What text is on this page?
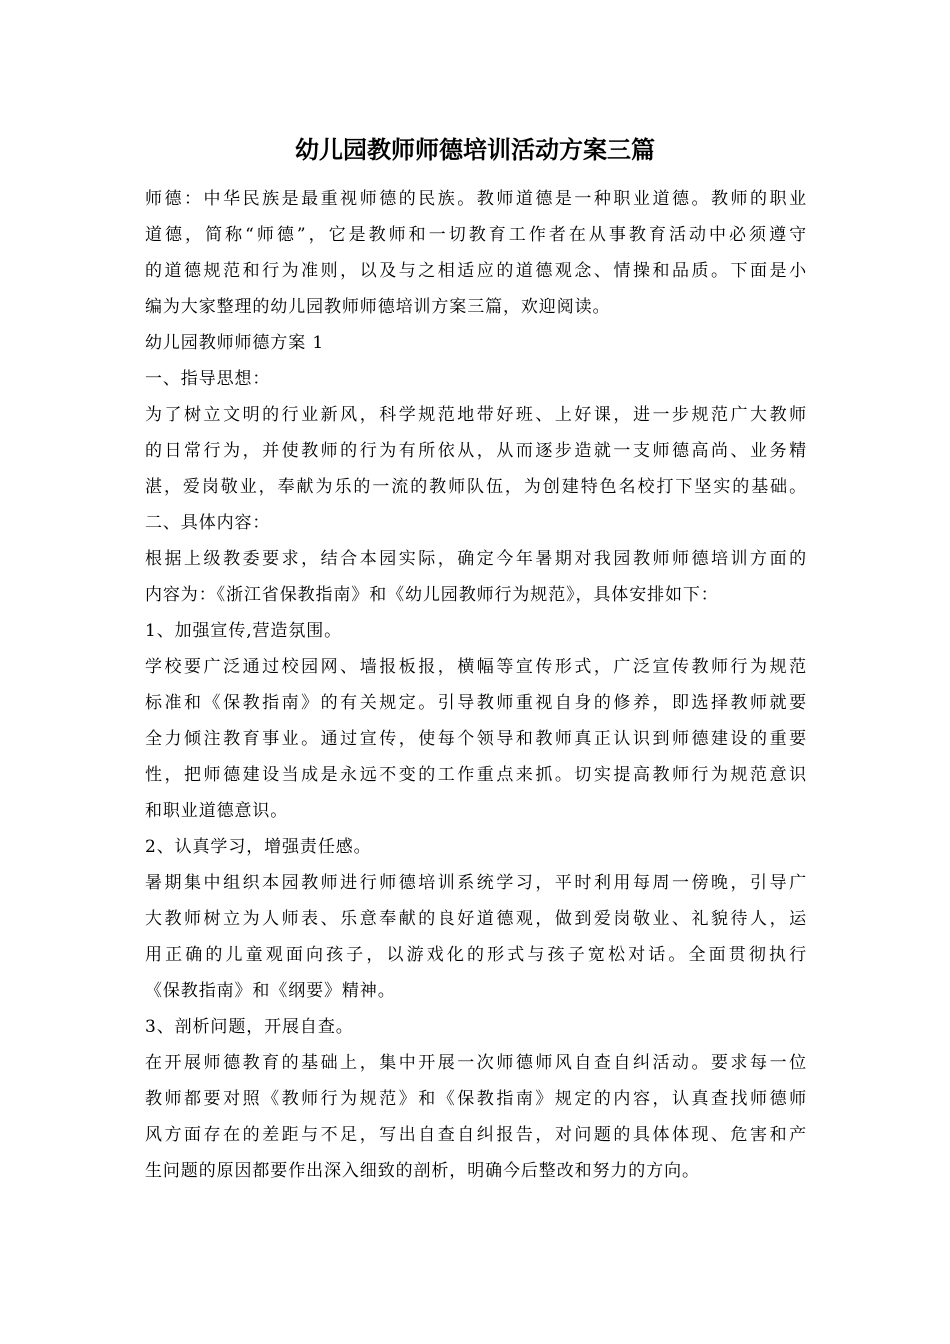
幼儿园教师师德培训活动方案三篇

师德：中华民族是最重视师德的民族。教师道德是一种职业道德。教师的职业

道德，简称“师德”，它是教师和一切教育工作者在从事教育活动中必须遵守

的道德规范和行为准则，以及与之相适应的道德观念、情操和品质。下面是小

编为大家整理的幼儿园教师师德培训方案三篇，欢迎阅读。

幼儿园教师师德方案 1

一、指导思想：

为了树立文明的行业新风，科学规范地带好班、上好课，进一步规范广大教师

的日常行为，并使教师的行为有所依从，从而逐步造就一支师德高尚、业务精

湛，爱岗敬业，奉献为乐的一流的教师队伍，为创建特色名校打下坚实的基础。

二、具体内容：

根据上级教委要求，结合本园实际，确定今年暑期对我园教师师德培训方面的

内容为：《浙江省保教指南》和《幼儿园教师行为规范》，具体安排如下：

1、加强宣传,营造氛围。

学校要广泛通过校园网、墙报板报，横幅等宣传形式，广泛宣传教师行为规范

标准和《保教指南》的有关规定。引导教师重视自身的修养，即选择教师就要

全力倾注教育事业。通过宣传，使每个领导和教师真正认识到师德建设的重要

性，把师德建设当成是永远不变的工作重点来抓。切实提高教师行为规范意识

和职业道德意识。

2、认真学习，增强责任感。

暑期集中组织本园教师进行师德培训系统学习，平时利用每周一傍晚，引导广

大教师树立为人师表、乐意奉献的良好道德观，做到爱岗敬业、礼貌待人，运

用正确的儿童观面向孩子，以游戏化的形式与孩子宽松对话。全面贯彻执行

《保教指南》和《纲要》精神。

3、剖析问题，开展自查。

在开展师德教育的基础上，集中开展一次师德师风自查自纠活动。要求每一位

教师都要对照《教师行为规范》和《保教指南》规定的内容，认真查找师德师

风方面存在的差距与不足，写出自查自纠报告，对问题的具体体现、危害和产

生问题的原因都要作出深入细致的剖析，明确今后整改和努力的方向。
